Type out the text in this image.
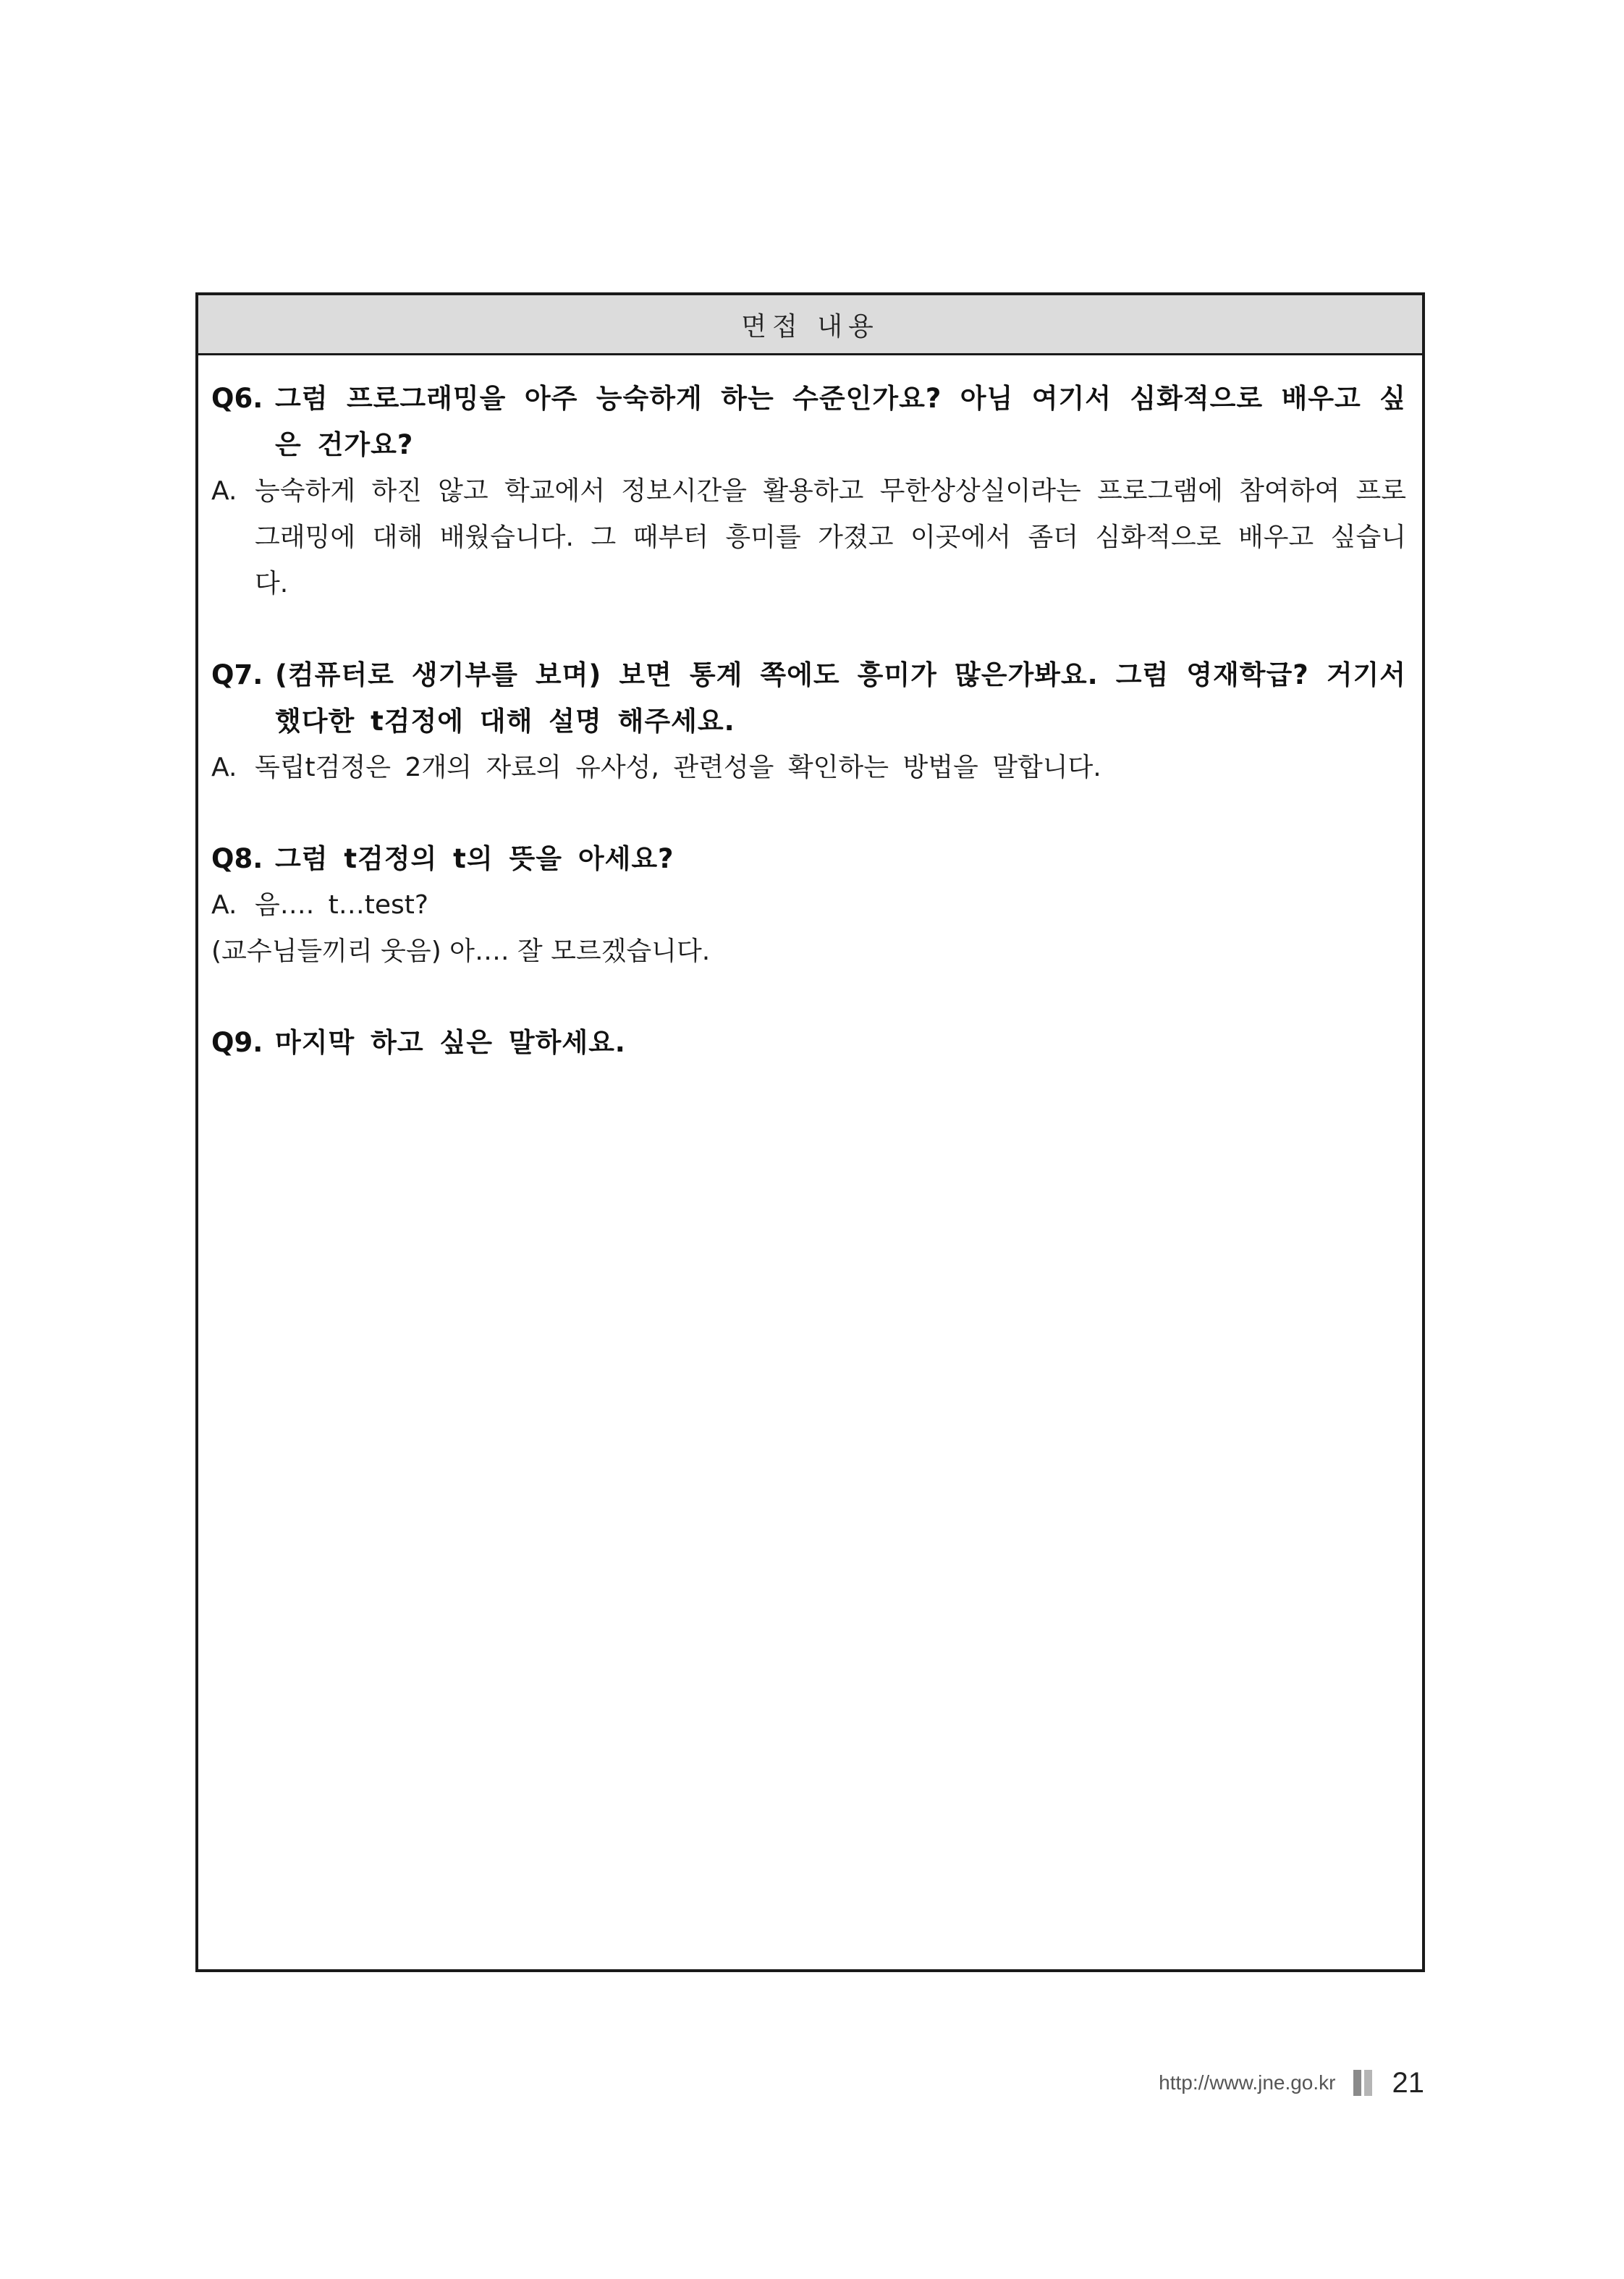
면접 내용
Q6. 그럼 프로그래밍을 아주 능숙하게 하는 수준인가요? 아님 여기서 심화적으로 배우고 싶은 건가요?
A. 능숙하게 하진 않고 학교에서 정보시간을 활용하고 무한상상실이라는 프로그램에 참여하여 프로그래밍에 대해 배웠습니다. 그 때부터 흥미를 가졌고 이곳에서 좀더 심화적으로 배우고 싶습니다.
Q7. (컴퓨터로 생기부를 보며) 보면 통계 쪽에도 흥미가 많은가봐요. 그럼 영재학급? 거기서 했다한 t검정에 대해 설명 해주세요.
A. 독립t검정은 2개의 자료의 유사성, 관련성을 확인하는 방법을 말합니다.
Q8. 그럼 t검정의 t의 뜻을 아세요?
A. 음…. t…test?
(교수님들끼리 웃음) 아…. 잘 모르겠습니다.
Q9. 마지막 하고 싶은 말하세요.
http://www.jne.go.kr 21
